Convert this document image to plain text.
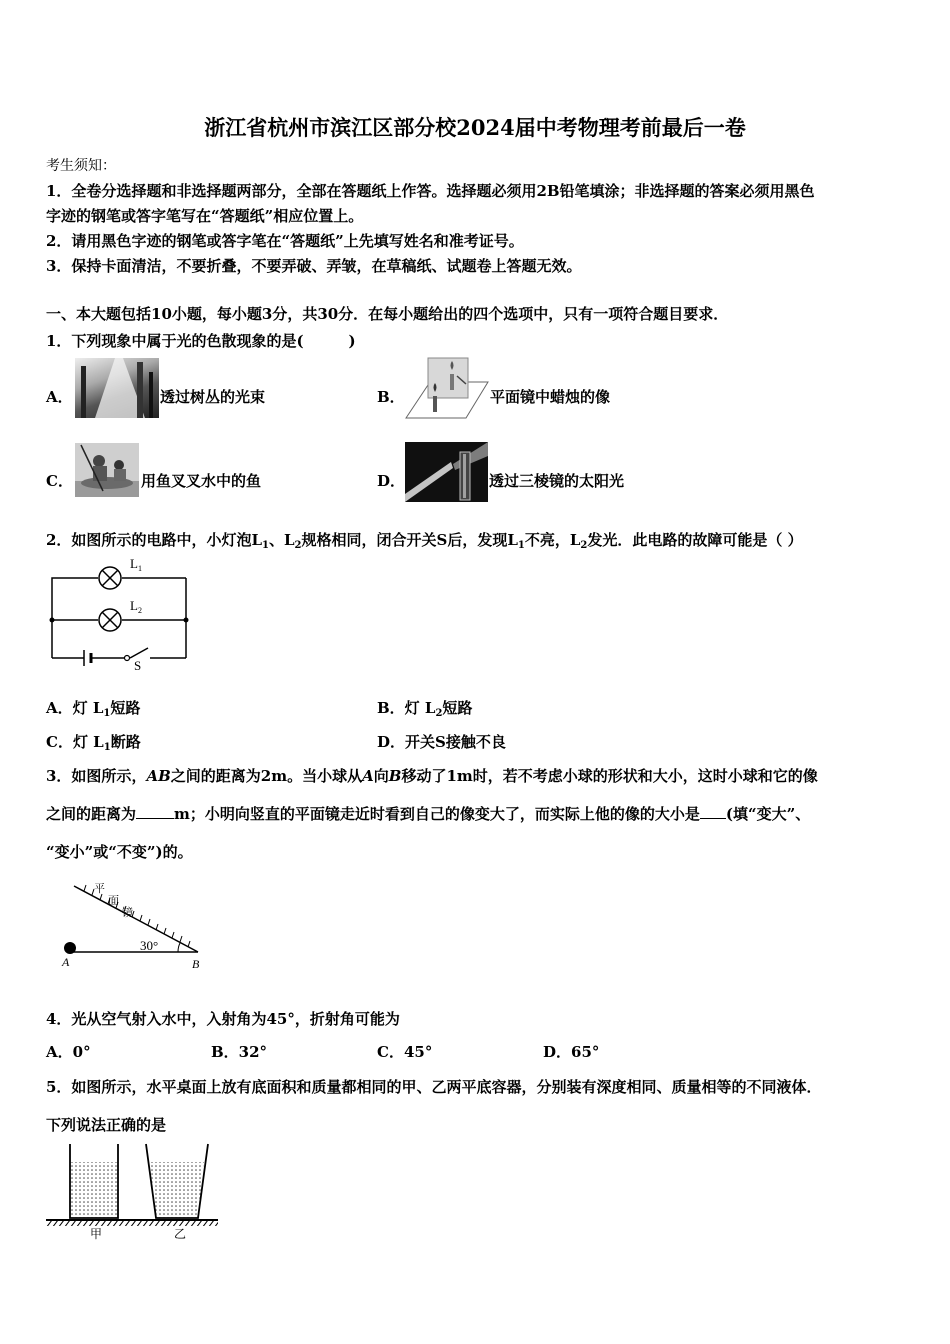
浙江省杭州市滨江区部分校2024届中考物理考前最后一卷
考生须知：
1．全卷分选择题和非选择题两部分，全部在答题纸上作答。选择题必须用2B铅笔填涂；非选择题的答案必须用黑色
字迹的钢笔或答字笔写在“答题纸”相应位置上。
2．请用黑色字迹的钢笔或答字笔在“答题纸”上先填写姓名和准考证号。
3．保持卡面清洁，不要折叠，不要弄破、弄皱，在草稿纸、试题卷上答题无效。
一、本大题包括10小题，每小题3分，共30分．在每小题给出的四个选项中，只有一项符合题目要求．
1．下列现象中属于光的色散现象的是(　　　)
A．	透过树丛的光束	B．	平面镜中蜡烛的像
C．	用鱼叉叉水中的鱼	D．	透过三棱镜的太阳光
2．如图所示的电路中，小灯泡$L_1$、$L_2$规格相同，闭合开关S后，发现$L_1$不亮，$L_2$发光．此电路的故障可能是（ ）
$L_1$
$L_2$
S
A．灯 $L_1$短路	B．灯 $L_2$短路
C．灯 $L_1$断路	D．开关S接触不良
3．如图所示，AB之间的距离为2m。当小球从A向B移动了1m时，若不考虑小球的形状和大小，这时小球和它的像
之间的距离为	m；小明向竖直的平面镜走近时看到自己的像变大了，而实际上他的像的大小是 (填“变大”、
“变小”或“不变”)的。
平
面
镜
30°
A	B
4．光从空气射入水中，入射角为45°，折射角可能为
A．0°	B．32°	C．45°	D．65°
5．如图所示，水平桌面上放有底面积和质量都相同的甲、乙两平底容器，分别装有深度相同、质量相等的不同液体．
下列说法正确的是
甲	乙
